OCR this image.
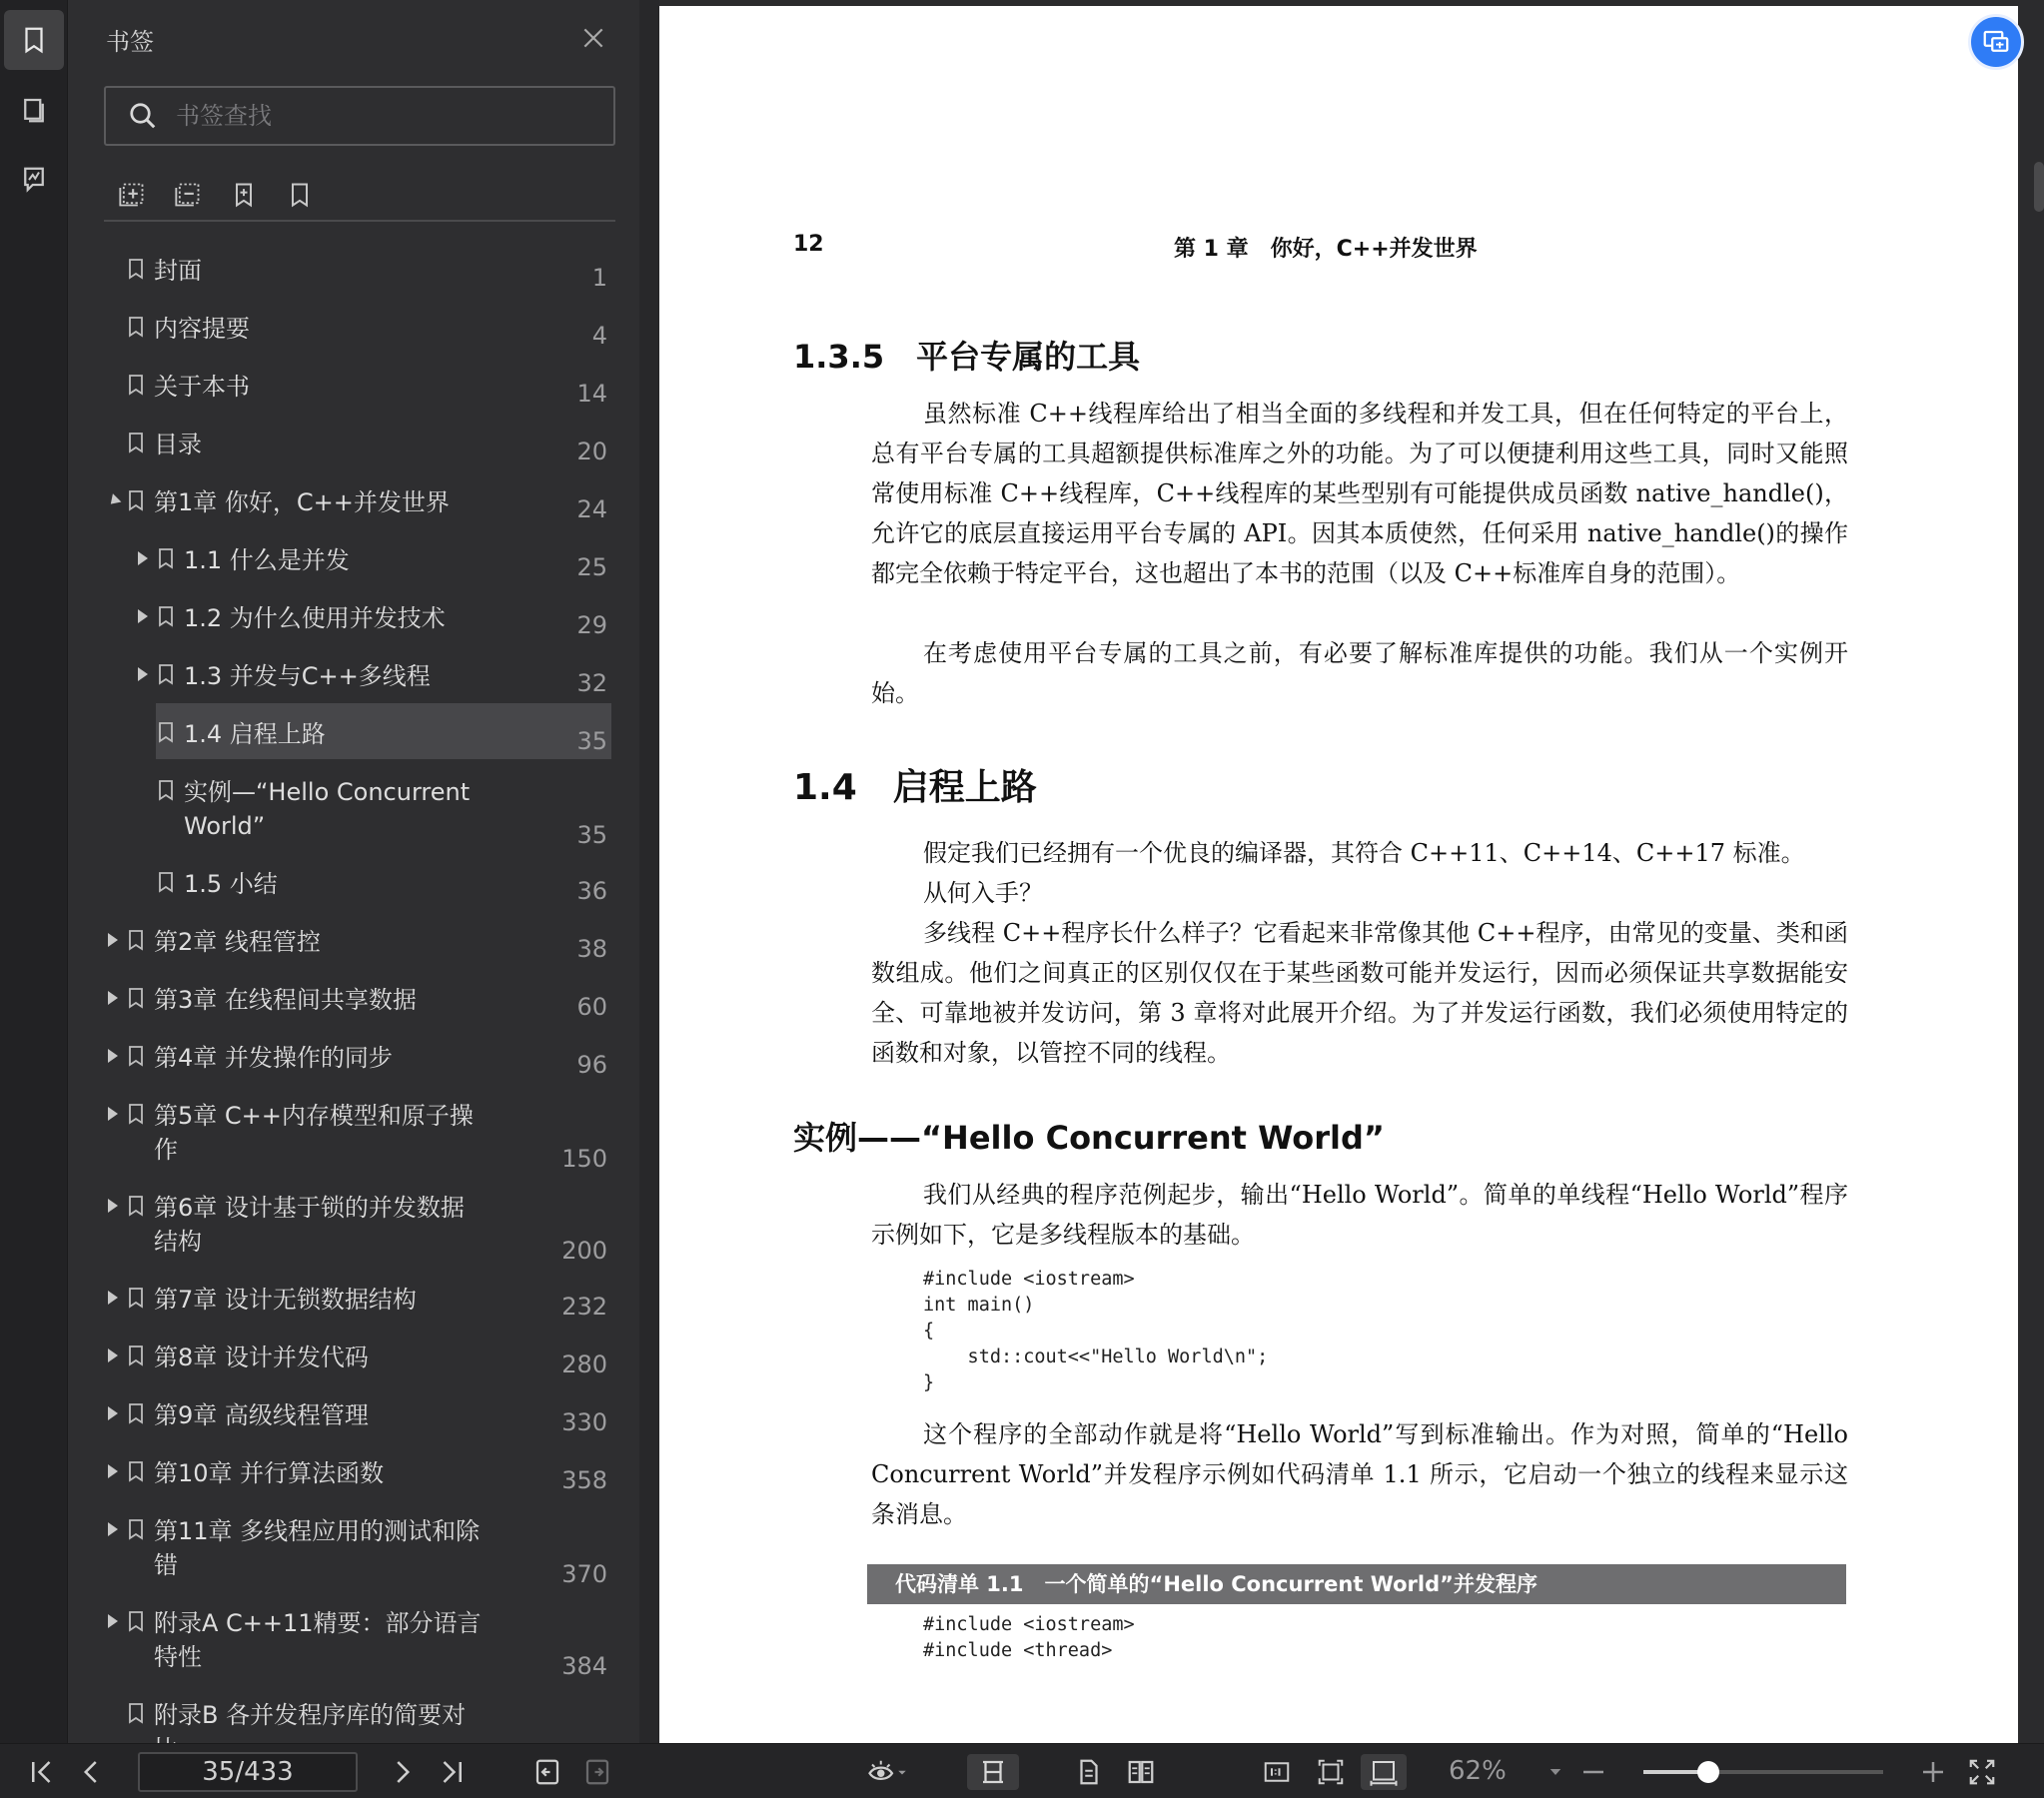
书签
书签查找
封面	1
内容提要	4
关于本书	14
目录	20
第1章 你好，C++并发世界	24
1.1 什么是并发	25
1.2 为什么使用并发技术	29
1.3 并发与C++多线程	32
1.4 启程上路	35
实例—“Hello Concurrent
World”	35
1.5 小结	36
第2章 线程管控	38
第3章 在线程间共享数据	60
第4章 并发操作的同步	96
第5章 C++内存模型和原子操
作	150
第6章 设计基于锁的并发数据
结构	200
第7章 设计无锁数据结构	232
第8章 设计并发代码	280
第9章 高级线程管理	330
第10章 并行算法函数	358
第11章 多线程应用的测试和除
错	370
附录A C++11精要：部分语言
特性	384
附录B 各并发程序库的简要对
12	第 1 章　你好，C++并发世界
1.3.5　平台专属的工具
虽然标准 C++线程库给出了相当全面的多线程和并发工具，但在任何特定的平台上，总有平台专属的工具超额提供标准库之外的功能。为了可以便捷利用这些工具，同时又能照常使用标准 C++线程库，C++线程库的某些型别有可能提供成员函数 native_handle()，允许它的底层直接运用平台专属的 API。因其本质使然，任何采用 native_handle()的操作都完全依赖于特定平台，这也超出了本书的范围（以及 C++标准库自身的范围）。
在考虑使用平台专属的工具之前，有必要了解标准库提供的功能。我们从一个实例开始。
1.4　启程上路
假定我们已经拥有一个优良的编译器，其符合 C++11、C++14、C++17 标准。
从何入手？
多线程 C++程序长什么样子？它看起来非常像其他 C++程序，由常见的变量、类和函数组成。他们之间真正的区别仅仅在于某些函数可能并发运行，因而必须保证共享数据能安全、可靠地被并发访问，第 3 章将对此展开介绍。为了并发运行函数，我们必须使用特定的函数和对象，以管控不同的线程。
实例——“Hello Concurrent World”
我们从经典的程序范例起步，输出“Hello World”。简单的单线程“Hello World”程序示例如下，它是多线程版本的基础。
#include <iostream>
int main()
{
std::cout<<"Hello World\n";
}
这个程序的全部动作就是将“Hello World”写到标准输出。作为对照，简单的“Hello Concurrent World”并发程序示例如代码清单 1.1 所示，它启动一个独立的线程来显示这条消息。
代码清单 1.1　一个简单的“Hello Concurrent World”并发程序
#include <iostream>
#include <thread>
35/433	62%
